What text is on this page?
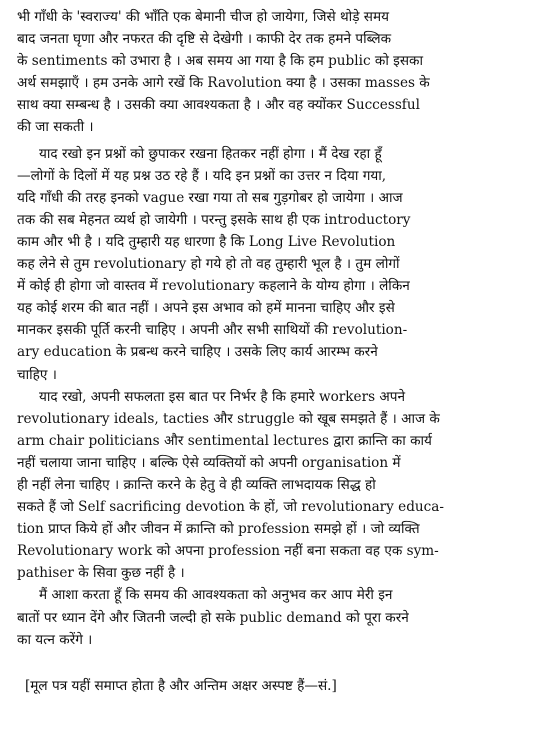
भी गाँधी के 'स्वराज्य' की भाँति एक बेमानी चीज हो जायेगा, जिसे थोड़े समय
बाद जनता घृणा और नफरत की दृष्टि से देखेगी । काफी देर तक हमने पब्लिक
के sentiments को उभारा है । अब समय आ गया है कि हम public को इसका
अर्थ समझाएँ । हम उनके आगे रखें कि Ravolution क्या है । उसका masses के
साथ क्या सम्बन्ध है । उसकी क्या आवश्यकता है । और वह क्योंकर Successful
की जा सकती ।
याद रखो इन प्रश्नों को छुपाकर रखना हितकर नहीं होगा । मैं देख रहा हूँ
—लोगों के दिलों में यह प्रश्न उठ रहे हैं । यदि इन प्रश्नों का उत्तर न दिया गया,
यदि गाँधी की तरह इनको vague रखा गया तो सब गुड़गोबर हो जायेगा । आज
तक की सब मेहनत व्यर्थ हो जायेगी । परन्तु इसके साथ ही एक introductory
काम और भी है । यदि तुम्हारी यह धारणा है कि Long Live Revolution
कह लेने से तुम revolutionary हो गये हो तो वह तुम्हारी भूल है । तुम लोगों
में कोई ही होगा जो वास्तव में revolutionary कहलाने के योग्य होगा । लेकिन
यह कोई शरम की बात नहीं । अपने इस अभाव को हमें मानना चाहिए और इसे
मानकर इसकी पूर्ति करनी चाहिए । अपनी और सभी साथियों की revolution-
ary education के प्रबन्ध करने चाहिए । उसके लिए कार्य आरम्भ करने
चाहिए ।
याद रखो, अपनी सफलता इस बात पर निर्भर है कि हमारे workers अपने
revolutionary ideals, tacties और struggle को खूब समझते हैं । आज के
arm chair politicians और sentimental lectures द्वारा क्रान्ति का कार्य
नहीं चलाया जाना चाहिए । बल्कि ऐसे व्यक्तियों को अपनी organisation में
ही नहीं लेना चाहिए । क्रान्ति करने के हेतु वे ही व्यक्ति लाभदायक सिद्ध हो
सकते हैं जो Self sacrificing devotion के हों, जो revolutionary educa-
tion प्राप्त किये हों और जीवन में क्रान्ति को profession समझे हों । जो व्यक्ति
Revolutionary work को अपना profession नहीं बना सकता वह एक sym-
pathiser के सिवा कुछ नहीं है ।
मैं आशा करता हूँ कि समय की आवश्यकता को अनुभव कर आप मेरी इन
बातों पर ध्यान देंगे और जितनी जल्दी हो सके public demand को पूरा करने
का यत्न करेंगे ।
[मूल पत्र यहीं समाप्त होता है और अन्तिम अक्षर अस्पष्ट हैं—सं.]
